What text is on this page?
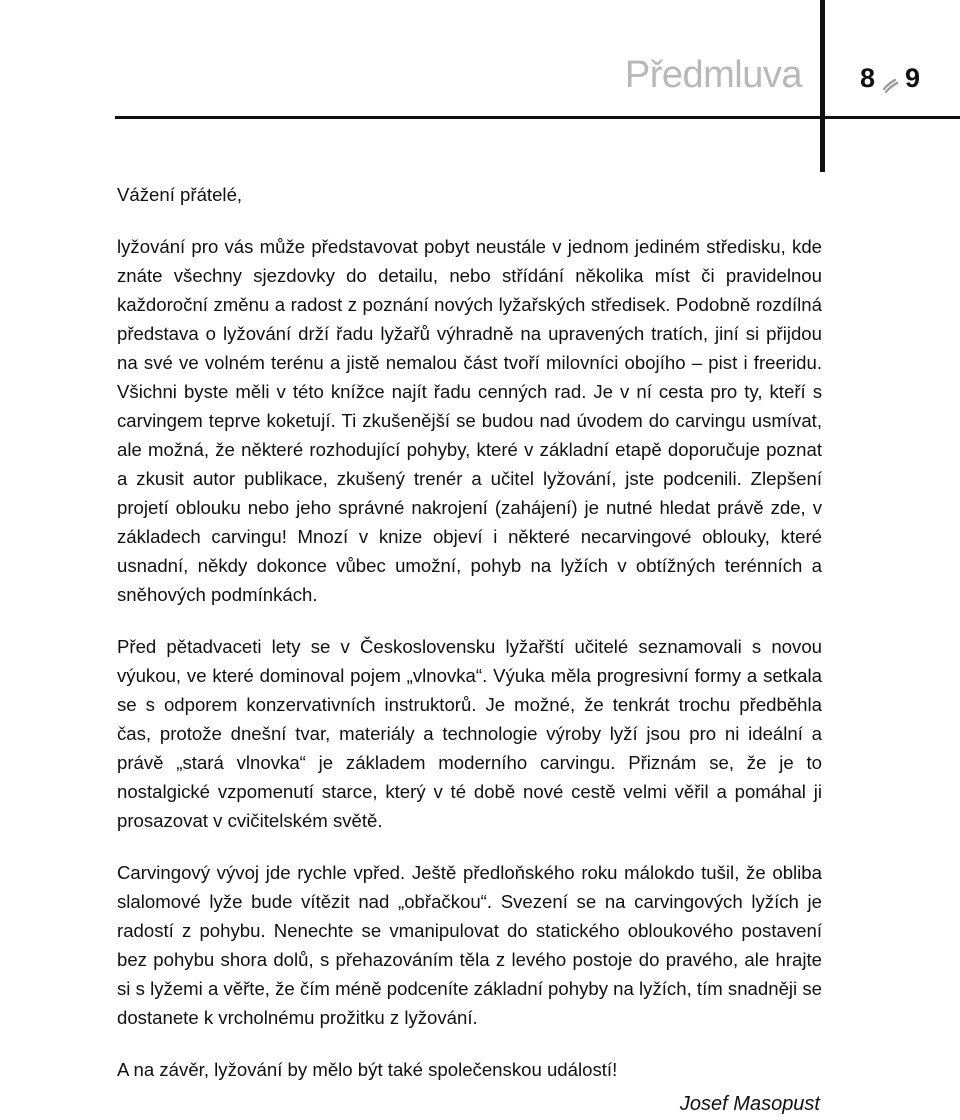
Předmluva 8 9

Vážení přátelé,

lyžování pro vás může představovat pobyt neustále v jednom jediném středisku, kde znáte všechny sjezdovky do detailu, nebo střídání několika míst či pravidelnou každoroční změnu a radost z poznání nových lyžařských středisek. Podobně rozdílná představa o lyžování drží řadu lyžařů výhradně na upravených tratích, jiní si přijdou na své ve volném terénu a jistě nemalou část tvoří milovníci obojího – pist i freeridu. Všichni byste měli v této knížce najít řadu cenných rad. Je v ní cesta pro ty, kteří s carvingem teprve koketují. Ti zkušenější se budou nad úvodem do carvingu usmívat, ale možná, že některé rozhodující pohyby, které v základní etapě doporučuje poznat a zkusit autor publikace, zkušený trenér a učitel lyžování, jste podcenili. Zlepšení projetí oblouku nebo jeho správné nakrojení (zahájení) je nutné hledat právě zde, v základech carvingu! Mnozí v knize objeví i některé necarvingové oblouky, které usnadní, někdy dokonce vůbec umožní, pohyb na lyžích v obtížných terénních a sněhových podmínkách.

Před pětadvaceti lety se v Československu lyžařští učitelé seznamovali s novou výukou, ve které dominoval pojem „vlnovka“. Výuka měla progresivní formy a setkala se s odporem konzervativních instruktorů. Je možné, že tenkrát trochu předběhla čas, protože dnešní tvar, materiály a technologie výroby lyží jsou pro ni ideální a právě „stará vlnovka“ je základem moderního carvingu. Přiznám se, že je to nostalgické vzpomenutí starce, který v té době nové cestě velmi věřil a pomáhal ji prosazovat v cvičitelském světě.

Carvingový vývoj jde rychle vpřed. Ještě předloňského roku málokdo tušil, že obliba slalomové lyže bude vítězit nad „obřačkou“. Svezení se na carvingových lyžích je radostí z pohybu. Nenechte se vmanipulovat do statického obloukového postavení bez pohybu shora dolů, s přehazováním těla z levého postoje do pravého, ale hrajte si s lyžemi a věřte, že čím méně podceníte základní pohyby na lyžích, tím snadněji se dostanete k vrcholnému prožitku z lyžování.

A na závěr, lyžování by mělo být také společenskou událostí!

Josef Masopust
